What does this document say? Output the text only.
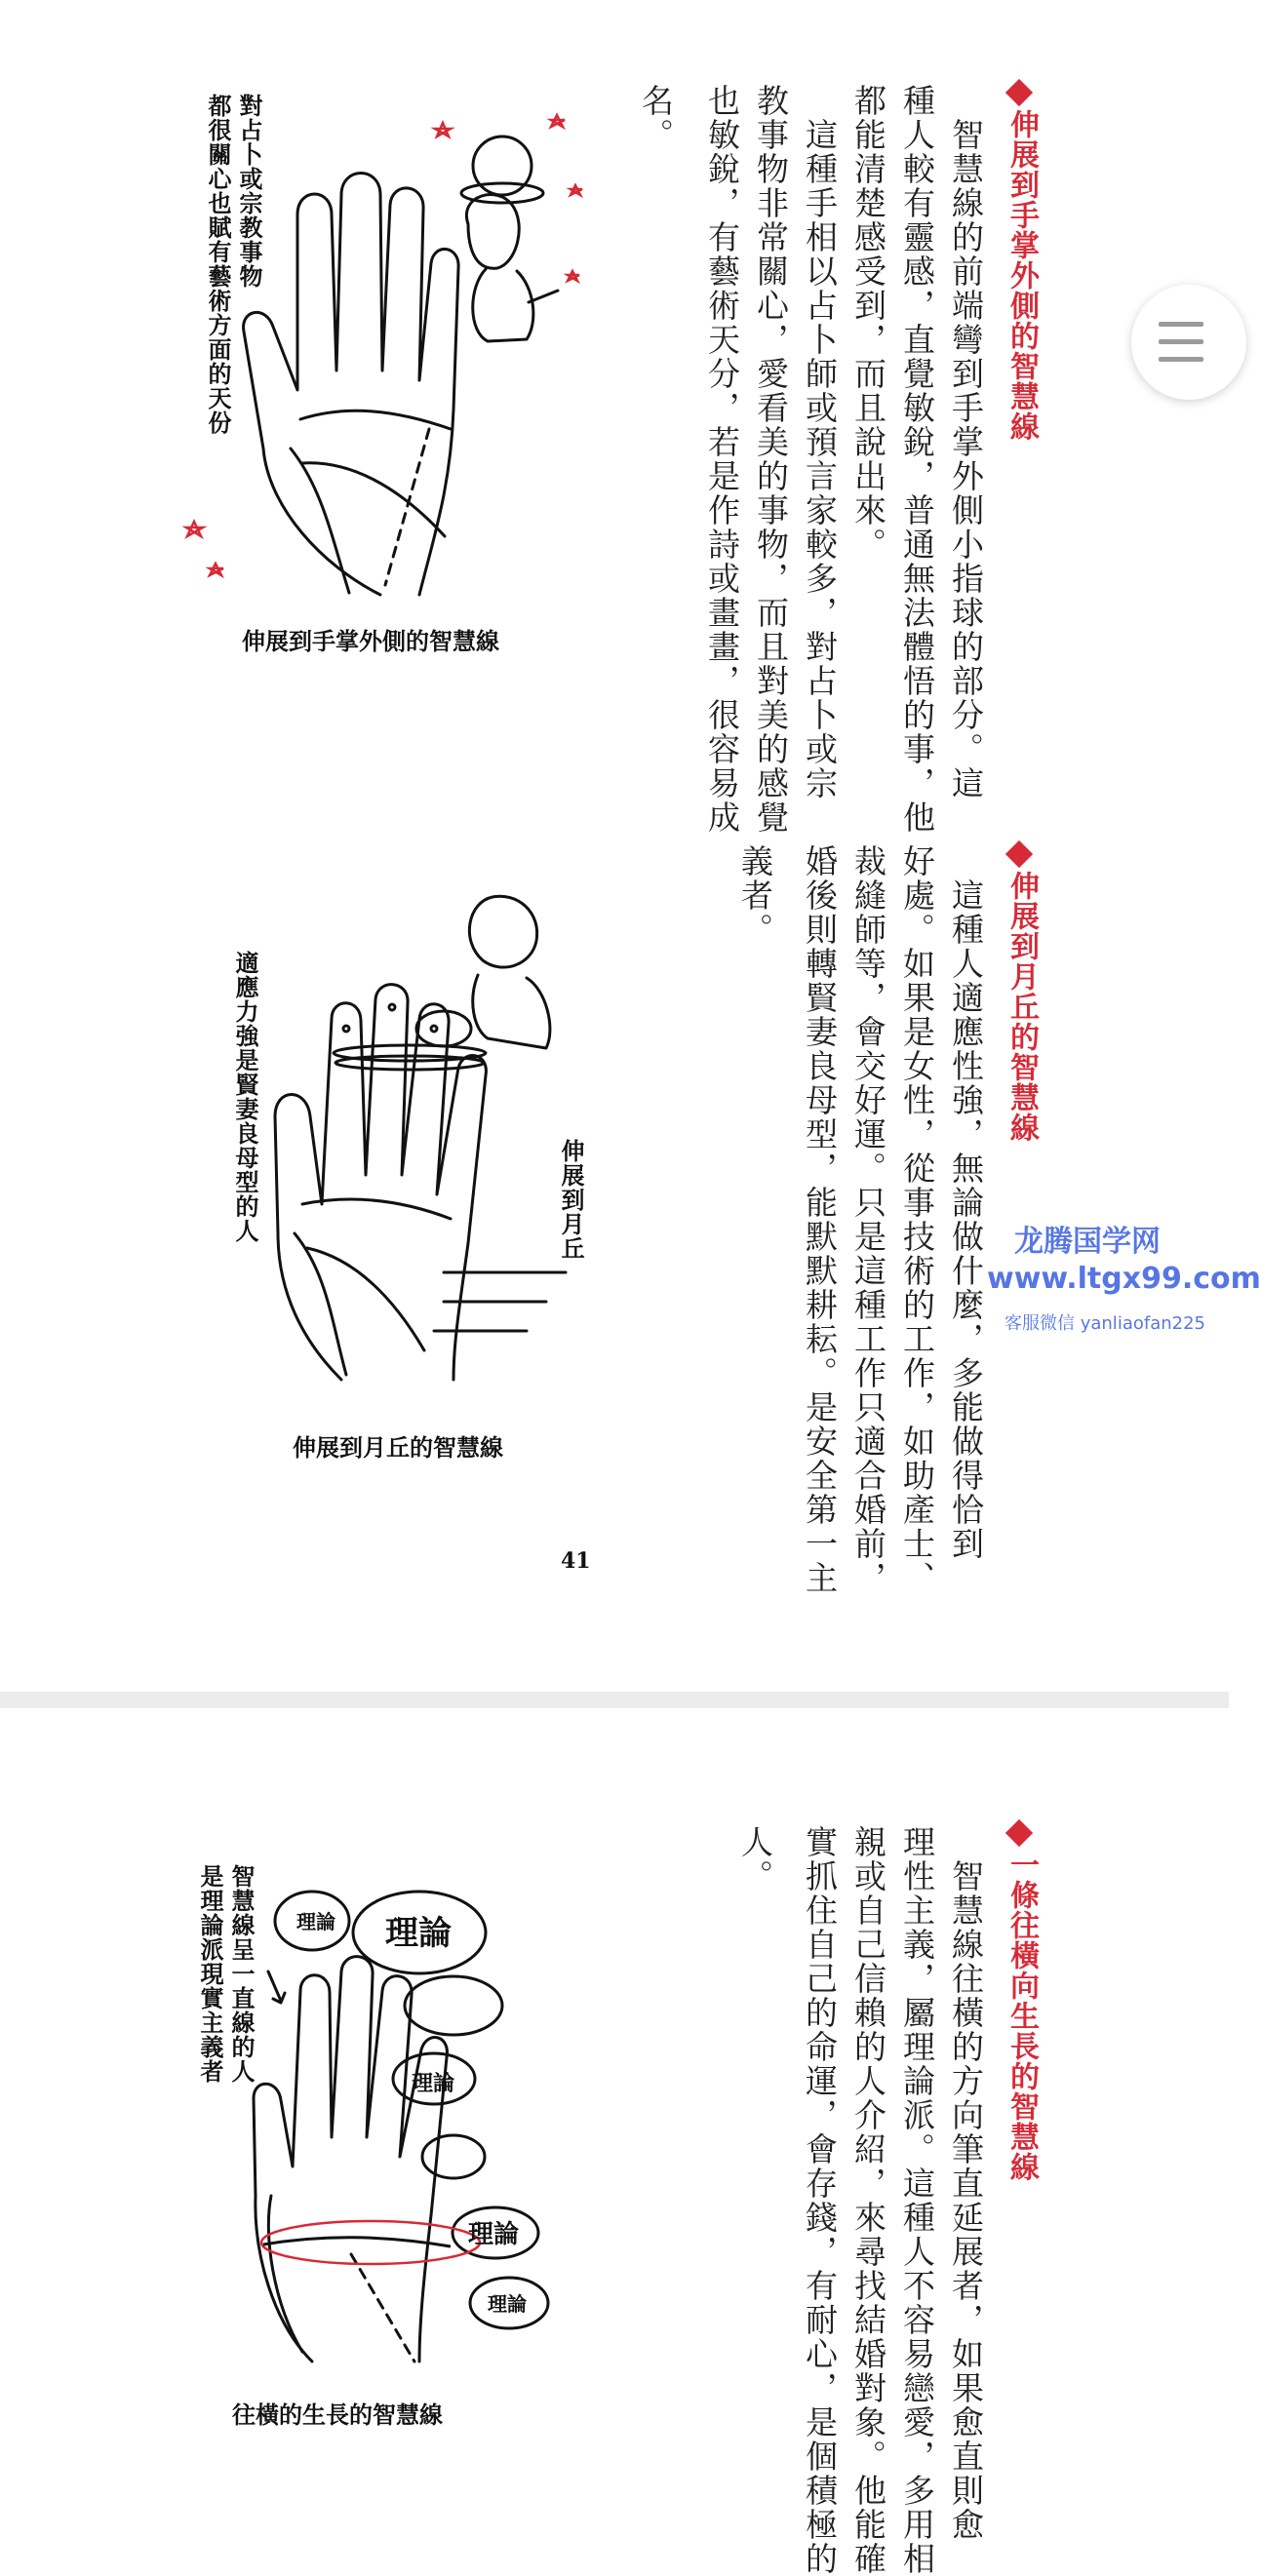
伸展到手掌外側的智慧線
　智慧線的前端彎到手掌外側小指球的部分。這
種人較有靈感，直覺敏銳，普通無法體悟的事，他
都能清楚感受到，而且說出來。
　這種手相以占卜師或預言家較多，對占卜或宗
教事物非常關心，愛看美的事物，而且對美的感覺
也敏銳，有藝術天分，若是作詩或畫畫，很容易成
名。
對占卜或宗教事物
都很關心也賦有藝術方面的天份
伸展到手掌外側的智慧線
伸展到月丘的智慧線
　這種人適應性強，無論做什麼，多能做得恰到
好處。如果是女性，從事技術的工作，如助產士、
裁縫師等，會交好運。只是這種工作只適合婚前，
婚後則轉賢妻良母型，能默默耕耘。是安全第一主
義者。
適應力強是賢妻良母型的人	伸展到月丘
伸展到月丘的智慧線
41
龙腾国学网
www.ltgx99.com
客服微信 yanliaofan225
一條往橫向生長的智慧線
　智慧線往橫的方向筆直延展者，如果愈直則愈
理性主義，屬理論派。這種人不容易戀愛，多用相
親或自己信賴的人介紹，來尋找結婚對象。他能確
實抓住自己的命運，會存錢，有耐心，是個積極的
人。
智慧線呈一直線的人
是理論派現實主義者	理論 理論
理論
理論
理論
往橫的生長的智慧線
